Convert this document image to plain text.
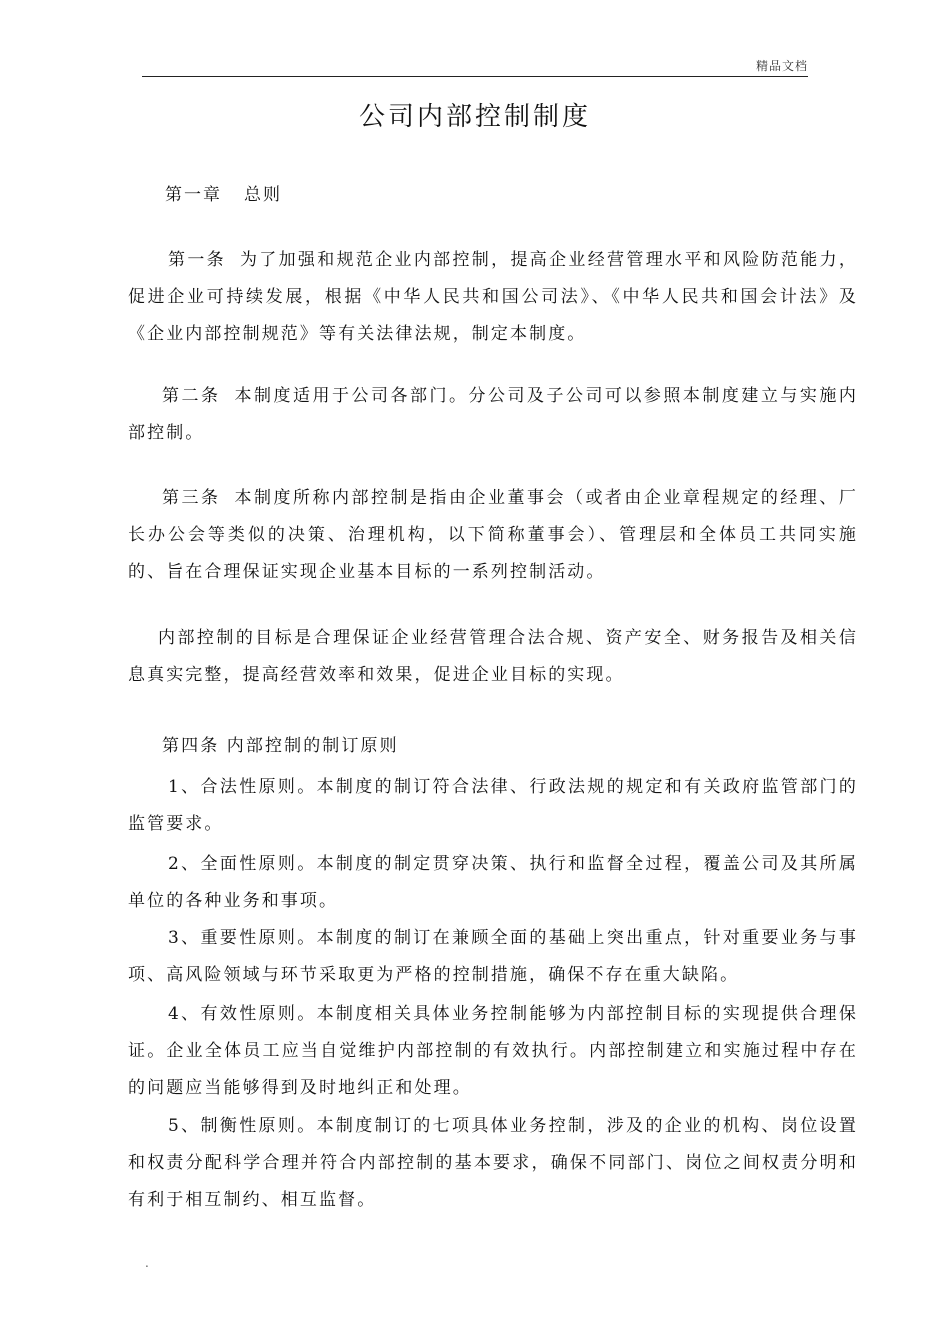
精品文档
公司内部控制制度
第一章 总则

第一条 为了加强和规范企业内部控制，提高企业经营管理水平和风险防范能力，促进企业可持续发展，根据《中华人民共和国公司法》、《中华人民共和国会计法》及《企业内部控制规范》等有关法律法规，制定本制度。

第二条 本制度适用于公司各部门。分公司及子公司可以参照本制度建立与实施内部控制。

第三条 本制度所称内部控制是指由企业董事会（或者由企业章程规定的经理、厂长办公会等类似的决策、治理机构，以下简称董事会）、管理层和全体员工共同实施的、旨在合理保证实现企业基本目标的一系列控制活动。

内部控制的目标是合理保证企业经营管理合法合规、资产安全、财务报告及相关信息真实完整，提高经营效率和效果，促进企业目标的实现。

第四条 内部控制的制订原则

1、合法性原则。本制度的制订符合法律、行政法规的规定和有关政府监管部门的监管要求。

2、全面性原则。本制度的制定贯穿决策、执行和监督全过程，覆盖公司及其所属单位的各种业务和事项。

3、重要性原则。本制度的制订在兼顾全面的基础上突出重点，针对重要业务与事项、高风险领域与环节采取更为严格的控制措施，确保不存在重大缺陷。

4、有效性原则。本制度相关具体业务控制能够为内部控制目标的实现提供合理保证。企业全体员工应当自觉维护内部控制的有效执行。内部控制建立和实施过程中存在的问题应当能够得到及时地纠正和处理。

5、制衡性原则。本制度制订的七项具体业务控制，涉及的企业的机构、岗位设置和权责分配科学合理并符合内部控制的基本要求，确保不同部门、岗位之间权责分明和有利于相互制约、相互监督。

.
